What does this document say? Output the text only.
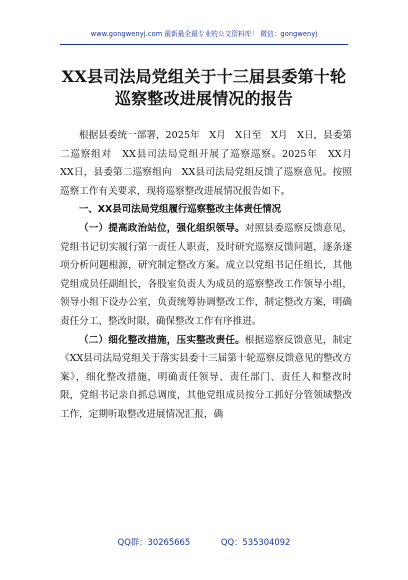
www.gongwenyj.com 最新最全最专业的公文资料库！ 微信：gongwenyj
XX县司法局党组关于十三届县委第十轮
巡察整改进展情况的报告

根据县委统一部署，2025年　X月　X日至　X月　X日，县委第二巡察组对　XX县司法局党组开展了巡察巡察。2025年　XX月　XX日，县委第二巡察组向　XX县司法局党组反馈了巡察意见。按照巡察工作有关要求，现将巡察整改进展情况报告如下。

一、XX县司法局党组履行巡察整改主体责任情况

（一）提高政治站位，强化组织领导。对照县委巡察反馈意见，党组书记切实履行第一责任人职责，及时研究巡察反馈问题，逐条逐项分析问题根源，研究制定整改方案。成立以党组书记任组长，其他党组成员任副组长，各股室负责人为成员的巡察整改工作领导小组，领导小组下设办公室，负责统筹协调整改工作，制定整改方案，明确责任分工、整改时限，确保整改工作有序推进。

（二）细化整改措施，压实整改责任。根据巡察反馈意见，制定《XX县司法局党组关于落实县委十三届第十轮巡察反馈意见的整改方案》，细化整改措施，明确责任领导、责任部门、责任人和整改时限，党组书记亲自抓总调度，其他党组成员按分工抓好分管领域整改工作，定期听取整改进展情况汇报，确

QQ群：30265665	QQ：535304092
